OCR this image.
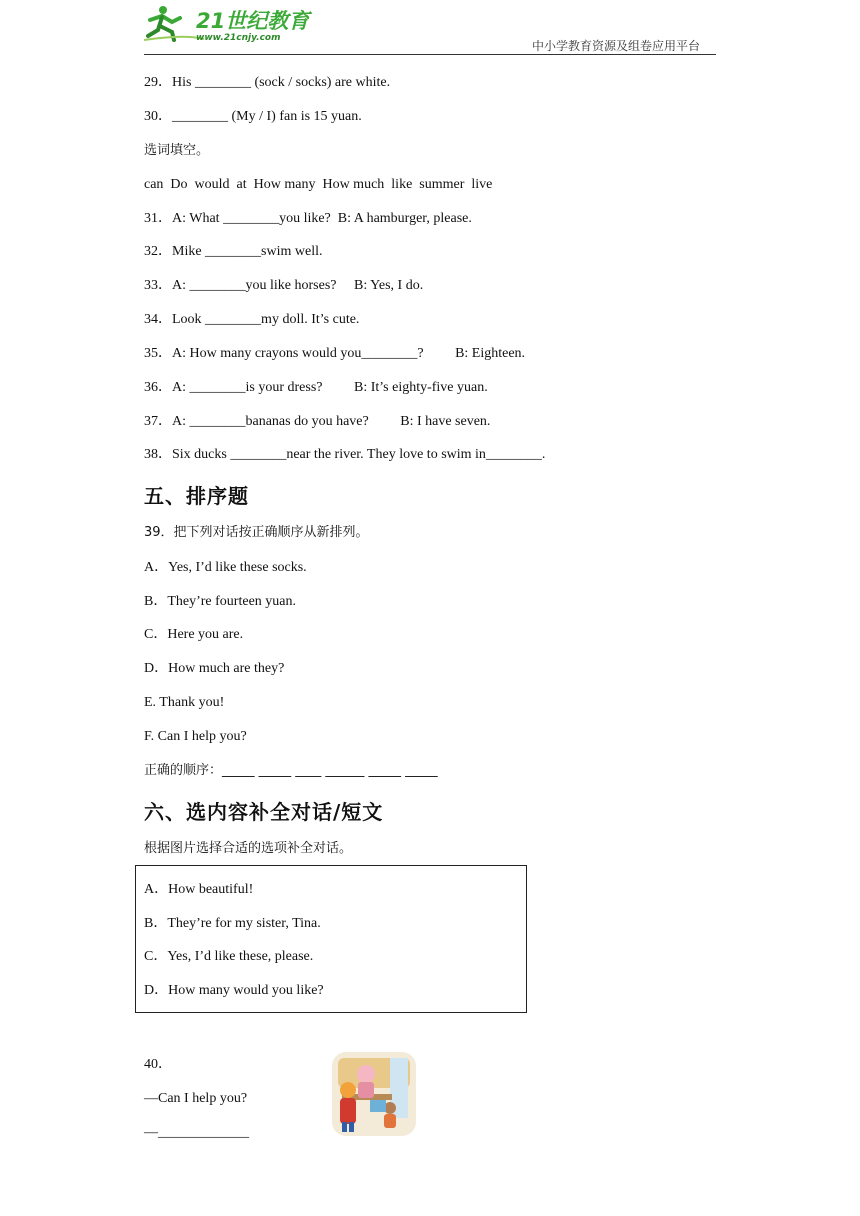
21世纪教育
www.21cnjy.com
中小学教育资源及组卷应用平台
29．His ________ (sock / socks) are white.
30．________ (My / I) fan is 15 yuan.
选词填空。
can  Do  would  at  How many  How much  like  summer  live
31．A: What ________you like?  B: A hamburger, please.
32．Mike ________swim well.
33．A: ________you like horses?     B: Yes, I do.
34．Look ________my doll. It’s cute.
35．A: How many crayons would you________?         B: Eighteen.
36．A: ________is your dress?         B: It’s eighty-five yuan.
37．A: ________bananas do you have?         B: I have seven.
38．Six ducks ________near the river. They love to swim in________.
五、排序题
39．把下列对话按正确顺序从新排列。
A．Yes, I’d like these socks.
B．They’re fourteen yuan.
C．Here you are.
D．How much are they?
E. Thank you!
F. Can I help you?
正确的顺序：_____ _____ ____ ______ _____ _____
六、选内容补全对话/短文
根据图片选择合适的选项补全对话。
A．How beautiful!
B．They’re for my sister, Tina.
C．Yes, I’d like these, please.
D．How many would you like?
40．
—Can I help you?
—_____________
